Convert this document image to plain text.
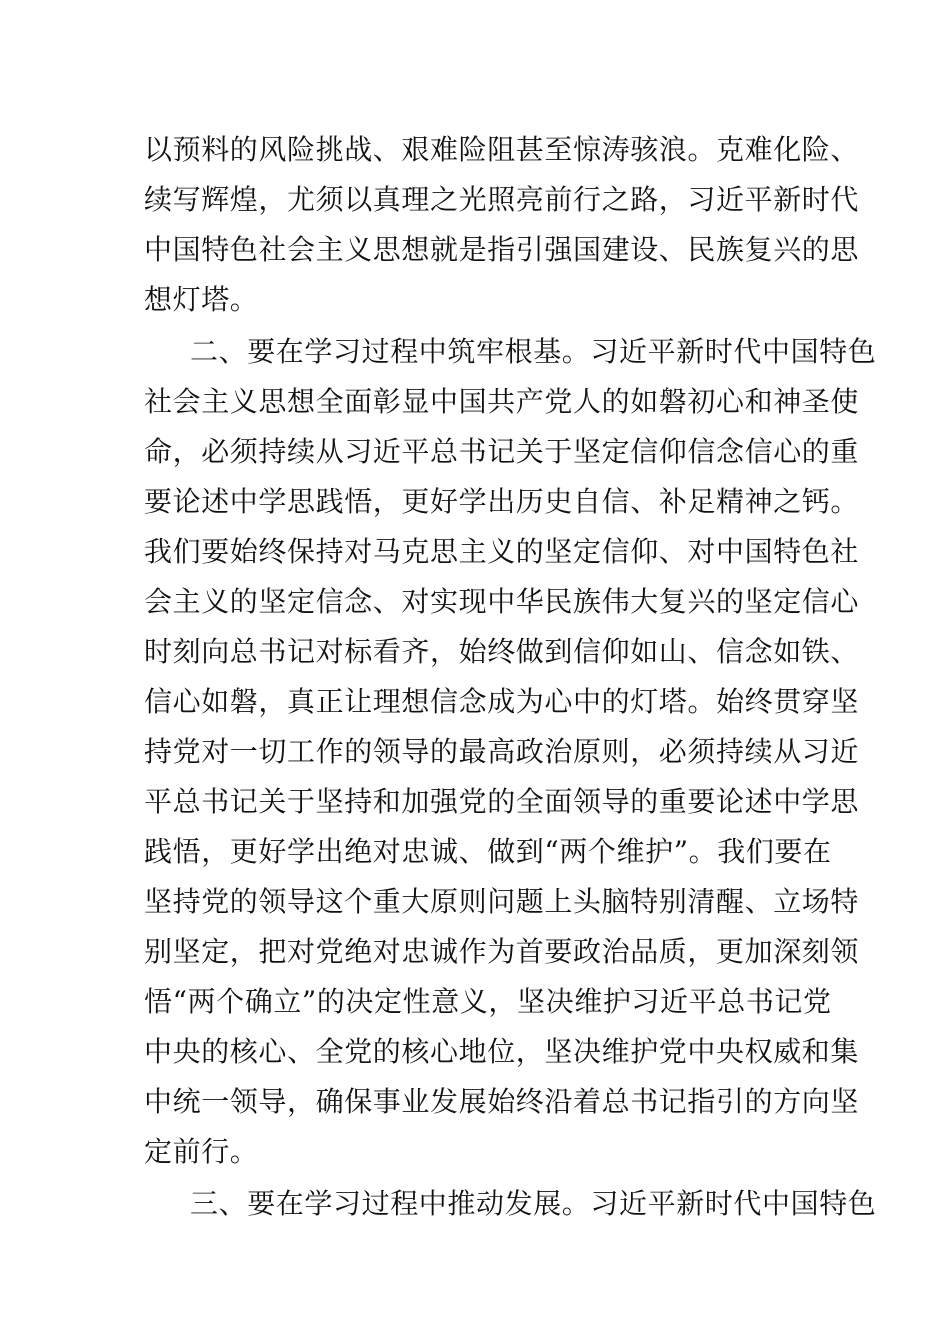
以预料的风险挑战、艰难险阻甚至惊涛骇浪。克难化险、
续写辉煌，尤须以真理之光照亮前行之路，习近平新时代
中国特色社会主义思想就是指引强国建设、民族复兴的思
想灯塔。
二、要在学习过程中筑牢根基。习近平新时代中国特色
社会主义思想全面彰显中国共产党人的如磐初心和神圣使
命，必须持续从习近平总书记关于坚定信仰信念信心的重
要论述中学思践悟，更好学出历史自信、补足精神之钙。
我们要始终保持对马克思主义的坚定信仰、对中国特色社
会主义的坚定信念、对实现中华民族伟大复兴的坚定信心
时刻向总书记对标看齐，始终做到信仰如山、信念如铁、
信心如磐，真正让理想信念成为心中的灯塔。始终贯穿坚
持党对一切工作的领导的最高政治原则，必须持续从习近
平总书记关于坚持和加强党的全面领导的重要论述中学思
践悟，更好学出绝对忠诚、做到“两个维护”。我们要在
坚持党的领导这个重大原则问题上头脑特别清醒、立场特
别坚定，把对党绝对忠诚作为首要政治品质，更加深刻领
悟“两个确立”的决定性意义，坚决维护习近平总书记党
中央的核心、全党的核心地位，坚决维护党中央权威和集
中统一领导，确保事业发展始终沿着总书记指引的方向坚
定前行。
三、要在学习过程中推动发展。习近平新时代中国特色
